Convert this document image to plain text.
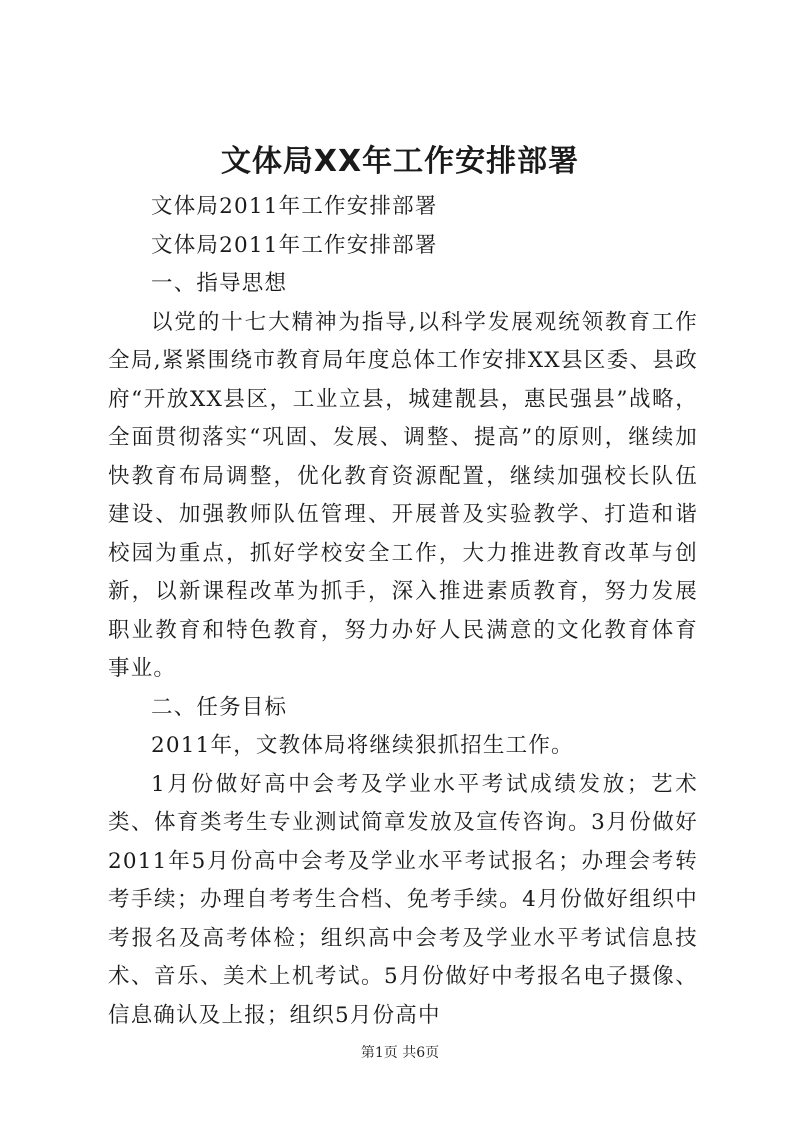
文体局XX年工作安排部署

文体局2011年工作安排部署

文体局2011年工作安排部署

一、指导思想

以党的十七大精神为指导,以科学发展观统领教育工作全局,紧紧围绕市教育局年度总体工作安排XX县区委、县政府“开放XX县区，工业立县，城建靓县，惠民强县”战略，全面贯彻落实“巩固、发展、调整、提高”的原则，继续加快教育布局调整，优化教育资源配置，继续加强校长队伍建设、加强教师队伍管理、开展普及实验教学、打造和谐校园为重点，抓好学校安全工作，大力推进教育改革与创新，以新课程改革为抓手，深入推进素质教育，努力发展职业教育和特色教育，努力办好人民满意的文化教育体育事业。

二、任务目标

2011年，文教体局将继续狠抓招生工作。

1月份做好高中会考及学业水平考试成绩发放；艺术类、体育类考生专业测试简章发放及宣传咨询。3月份做好2011年5月份高中会考及学业水平考试报名；办理会考转考手续；办理自考考生合档、免考手续。4月份做好组织中考报名及高考体检；组织高中会考及学业水平考试信息技术、音乐、美术上机考试。5月份做好中考报名电子摄像、信息确认及上报；组织5月份高中

第1页 共6页
